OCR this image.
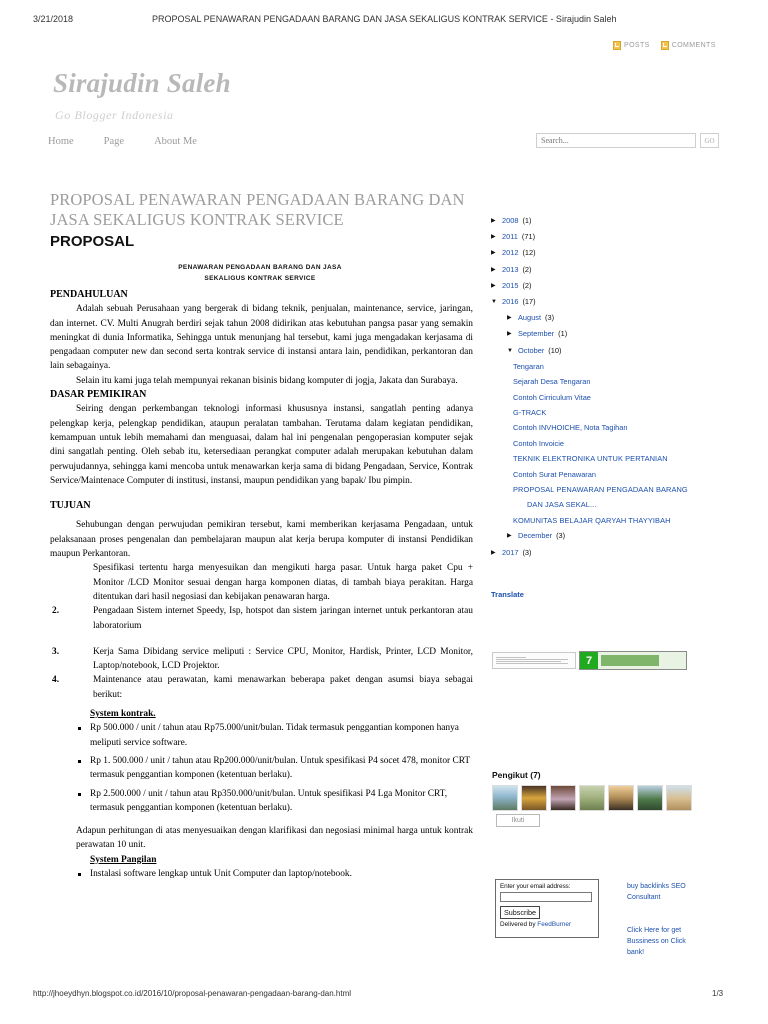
3/21/2018	PROPOSAL PENAWARAN PENGADAAN BARANG DAN JASA SEKALIGUS KONTRAK SERVICE - Sirajudin Saleh
POSTS	COMMENTS
Sirajudin Saleh
Go Blogger Indonesia
Home	Page	About Me
Search...	GO
PROPOSAL PENAWARAN PENGADAAN BARANG DAN JASA SEKALIGUS KONTRAK SERVICE
PROPOSAL
PENAWARAN PENGADAAN BARANG DAN JASA
SEKALIGUS KONTRAK SERVICE

PENDAHULUAN

Adalah sebuah Perusahaan yang bergerak di bidang teknik, penjualan, maintenance, service, jaringan, dan internet. CV. Multi Anugrah berdiri sejak tahun 2008 didirikan atas kebutuhan pangsa pasar yang semakin meningkat di dunia Informatika, Sehingga untuk menunjang hal tersebut, kami juga mengadakan kerjasama di pengadaan computer new dan second serta kontrak service di instansi antara lain, pendidikan, perkantoran dan lain sebagainya.

Selain itu kami juga telah mempunyai rekanan bisinis bidang komputer di jogja, Jakata dan Surabaya.

DASAR PEMIKIRAN

Seiring dengan perkembangan teknologi informasi khususnya instansi, sangatlah penting adanya pelengkap kerja, pelengkap pendidikan, ataupun peralatan tambahan. Terutama dalam kegiatan pendidikan, kemampuan untuk lebih memahami dan menguasai, dalam hal ini pengenalan pengoperasian komputer sejak dini sangatlah penting. Oleh sebab itu, ketersediaan perangkat computer adalah merupakan kebutuhan dalam perwujudannya, sehingga kami mencoba untuk menawarkan kerja sama di bidang Pengadaan, Service, Kontrak Service/Maintenace Computer di institusi, instansi, maupun pendidikan yang bapak/ Ibu pimpin.

TUJUAN

Sehubungan dengan perwujudan pemikiran tersebut, kami memberikan kerjasama Pengadaan, untuk pelaksanaan proses pengenalan dan pembelajaran maupun alat kerja berupa komputer di instansi Pendidikan maupun Perkantoran.

Spesifikasi tertentu harga menyesuikan dan mengikuti harga pasar. Untuk harga paket Cpu + Monitor /LCD Monitor sesuai dengan harga komponen diatas, di tambah biaya perakitan. Harga ditentukan dari hasil negosiasi dan kebijakan penawaran harga.
2.	Pengadaan Sistem internet Speedy, Isp, hotspot dan sistem jaringan internet untuk perkantoran atau laboratorium
3.	Kerja Sama Dibidang service meliputi : Service CPU, Monitor, Hardisk, Printer, LCD Monitor, Laptop/notebook, LCD Projektor.
4.	Maintenance atau perawatan, kami menawarkan beberapa paket dengan asumsi biaya sebagai berikut:
System kontrak.
Rp 500.000 / unit / tahun atau Rp75.000/unit/bulan. Tidak termasuk penggantian komponen hanya meliputi service software.
Rp 1. 500.000 / unit / tahun atau Rp200.000/unit/bulan. Untuk spesifikasi P4 socet 478, monitor CRT termasuk penggantian komponen (ketentuan berlaku).
Rp 2.500.000 / unit / tahun atau Rp350.000/unit/bulan. Untuk spesifikasi P4 Lga Monitor CRT, termasuk penggantian komponen (ketentuan berlaku).

Adapun perhitungan di atas menyesuaikan dengan klarifikasi dan negosiasi minimal harga untuk kontrak perawatan 10 unit.

System Pangilan
Instalasi software lengkap untuk Unit Computer dan laptop/notebook.
▶ 2008 (1)
▶ 2011 (71)
▶ 2012 (12)
▶ 2013 (2)
▶ 2015 (2)
▼ 2016 (17)
▶ August (3)
▶ September (1)
▼ October (10)
Tengaran
Sejarah Desa Tengaran
Contoh Cirriculum Vitae
G-TRACK
Contoh INVHOICHE, Nota Tagihan
Contoh Invoicie
TEKNIK ELEKTRONIKA UNTUK PERTANIAN
Contoh Surat Penawaran
PROPOSAL PENAWARAN PENGADAAN BARANG
DAN JASA SEKAL...
KOMUNITAS BELAJAR QARYAH THAYYIBAH
▶ December (3)
▶ 2017 (3)
Translate
7
Pengikut (7)
Ikuti
Enter your email address:
Subscribe
Delivered by FeedBurner
buy backlinks SEO
Consultant
Click Here for get
Bussiness on Click
bank!
http://jhoeydhyn.blogspot.co.id/2016/10/proposal-penawaran-pengadaan-barang-dan.html	1/3
